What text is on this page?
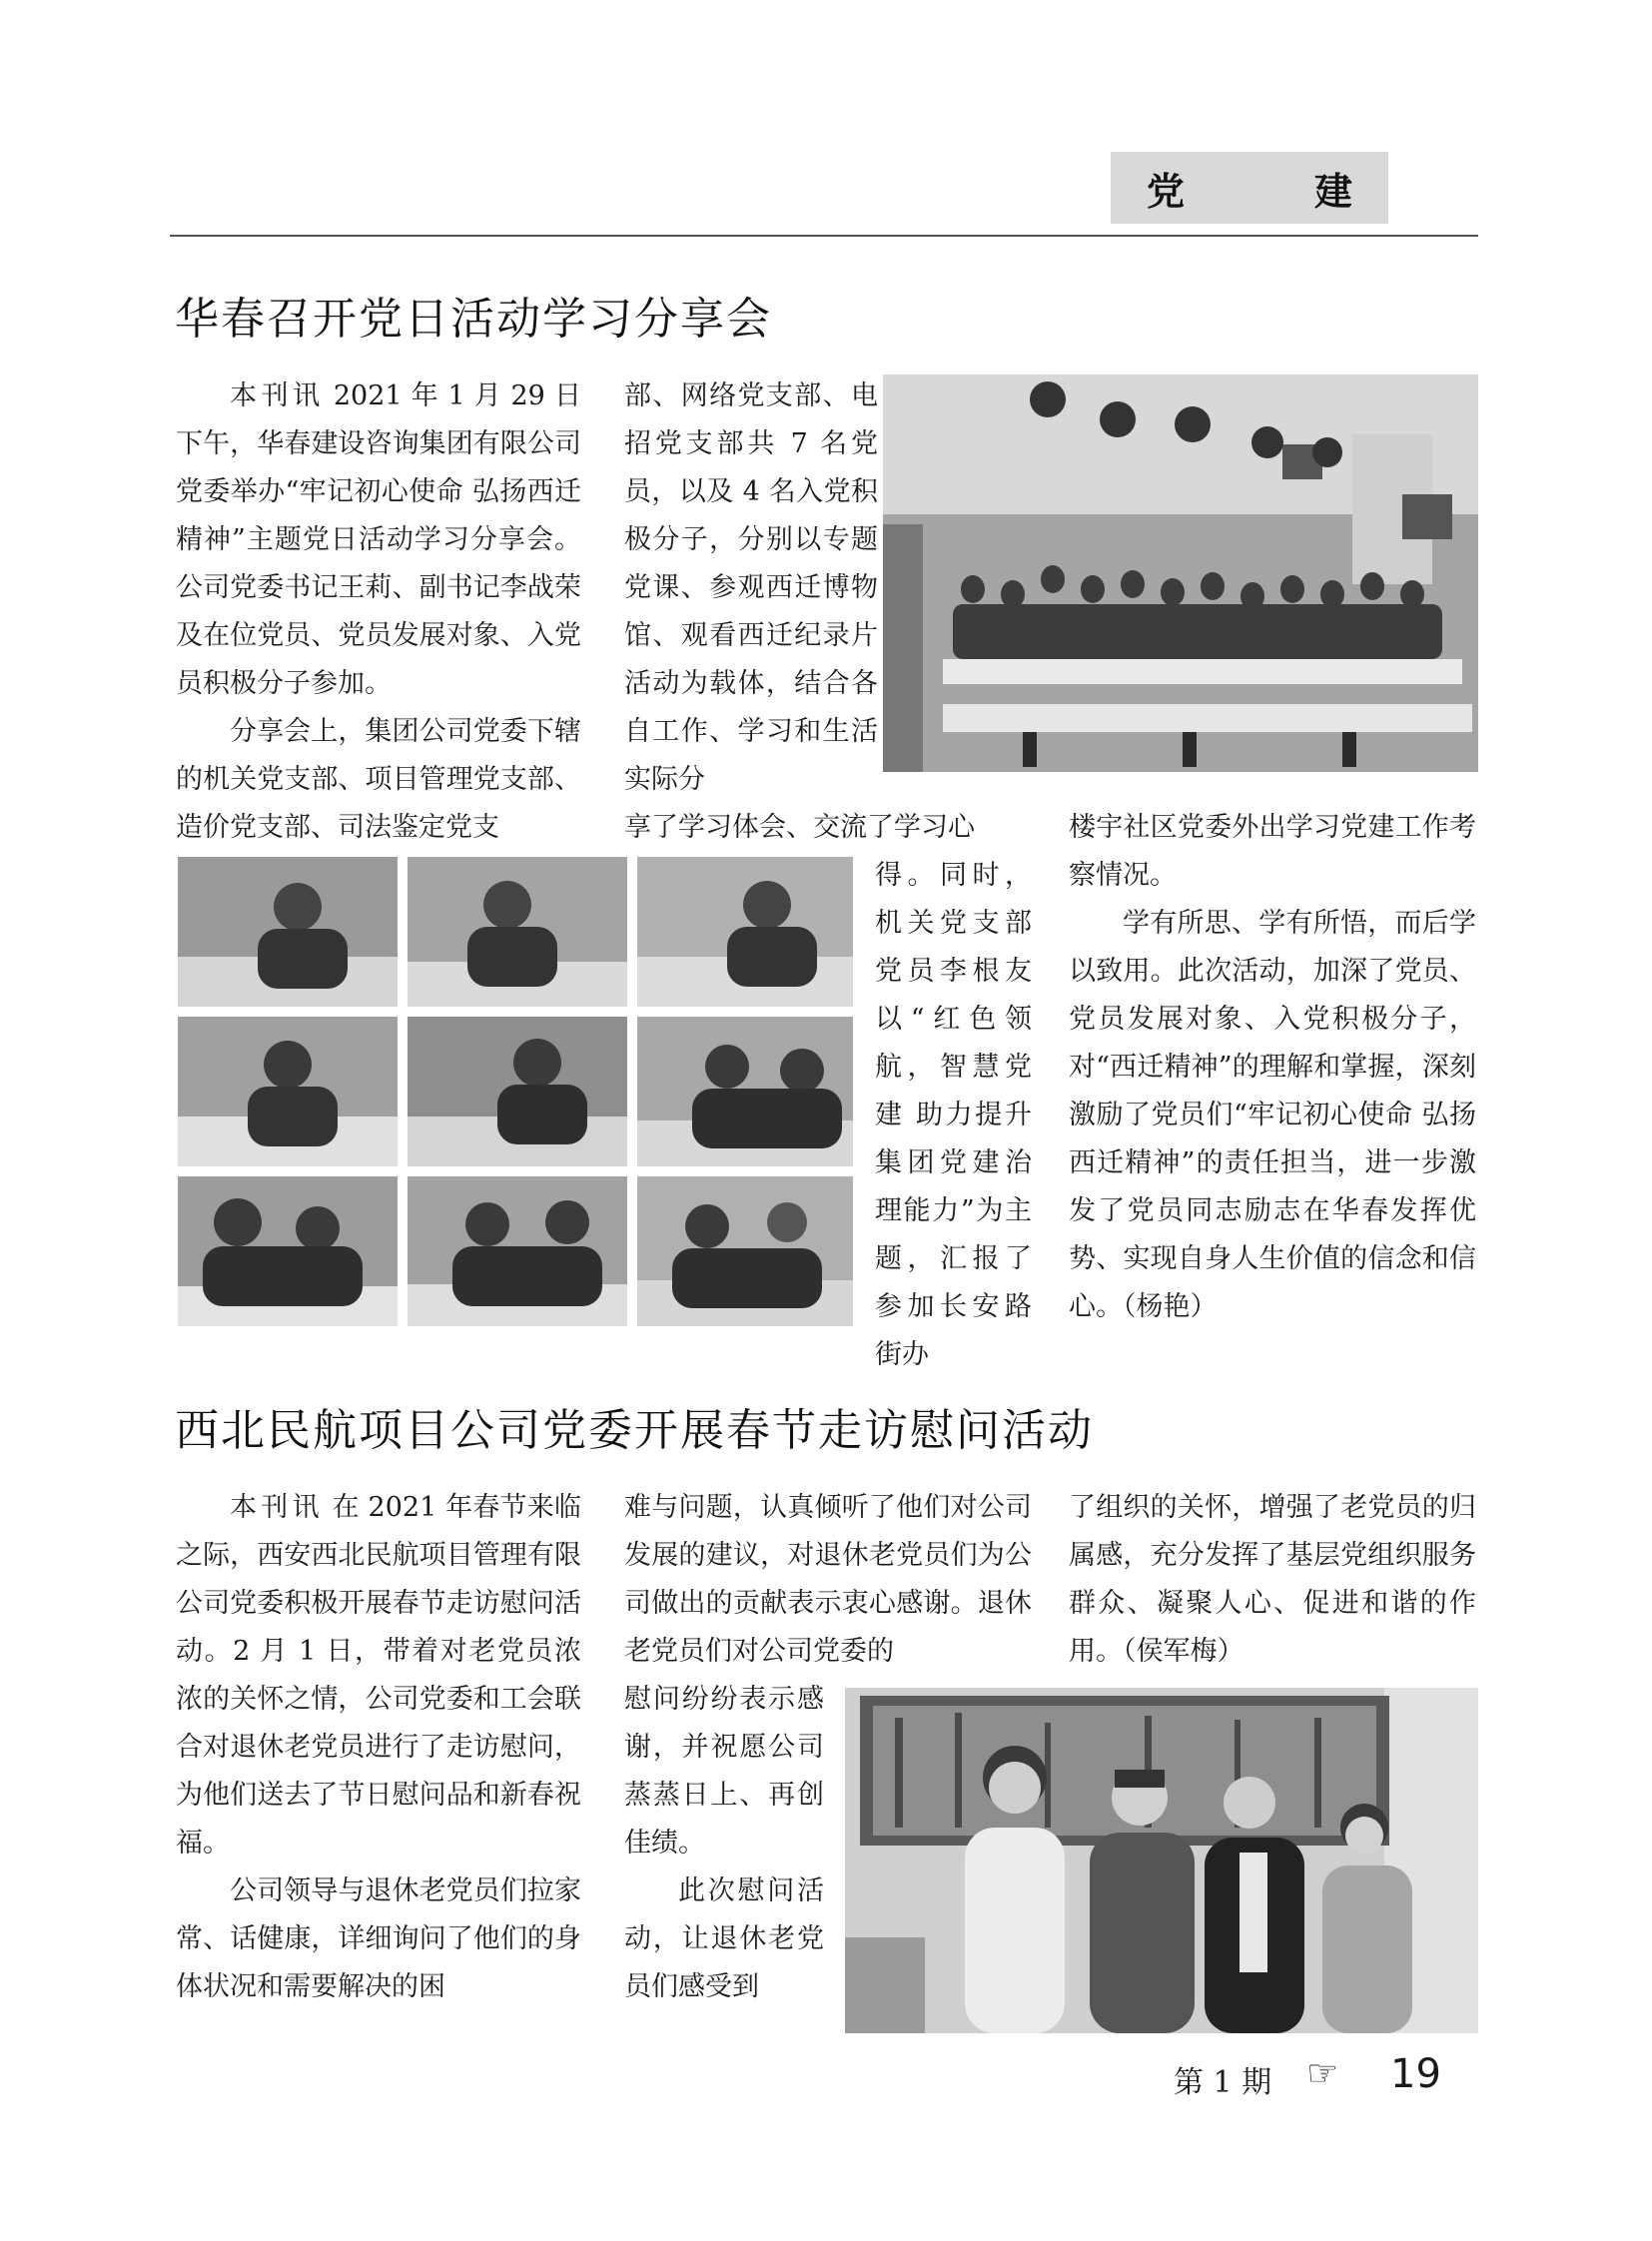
党	建
华春召开党日活动学习分享会

本刊讯 2021 年 1 月 29 日下午，华春建设咨询集团有限公司党委举办“牢记初心使命 弘扬西迁精神”主题党日活动学习分享会。公司党委书记王莉、副书记李战荣及在位党员、党员发展对象、入党员积极分子参加。

分享会上，集团公司党委下辖的机关党支部、项目管理党支部、造价党支部、司法鉴定党支

部、网络党支部、电招党支部共 7 名党员，以及 4 名入党积极分子，分别以专题党课、参观西迁博物馆、观看西迁纪录片活动为载体，结合各自工作、学习和生活实际分

享了学习体会、交流了学习心

得。同时，机关党支部党员李根友以“红色领航，智慧党建 助力提升集团党建治理能力”为主题，汇报了参加长安路街办

楼宇社区党委外出学习党建工作考察情况。

学有所思、学有所悟，而后学以致用。此次活动，加深了党员、党员发展对象、入党积极分子，对“西迁精神”的理解和掌握，深刻激励了党员们“牢记初心使命 弘扬西迁精神”的责任担当，进一步激发了党员同志励志在华春发挥优势、实现自身人生价值的信念和信心。（杨艳）

西北民航项目公司党委开展春节走访慰问活动

本刊讯 在 2021 年春节来临之际，西安西北民航项目管理有限公司党委积极开展春节走访慰问活动。2 月 1 日，带着对老党员浓浓的关怀之情，公司党委和工会联合对退休老党员进行了走访慰问，为他们送去了节日慰问品和新春祝福。

公司领导与退休老党员们拉家常、话健康，详细询问了他们的身体状况和需要解决的困

难与问题，认真倾听了他们对公司发展的建议，对退休老党员们为公司做出的贡献表示衷心感谢。退休老党员们对公司党委的

慰问纷纷表示感谢，并祝愿公司蒸蒸日上、再创佳绩。

此次慰问活动，让退休老党员们感受到

了组织的关怀，增强了老党员的归属感，充分发挥了基层党组织服务群众、凝聚人心、促进和谐的作用。（侯军梅）

第 1 期 ☞ 19
